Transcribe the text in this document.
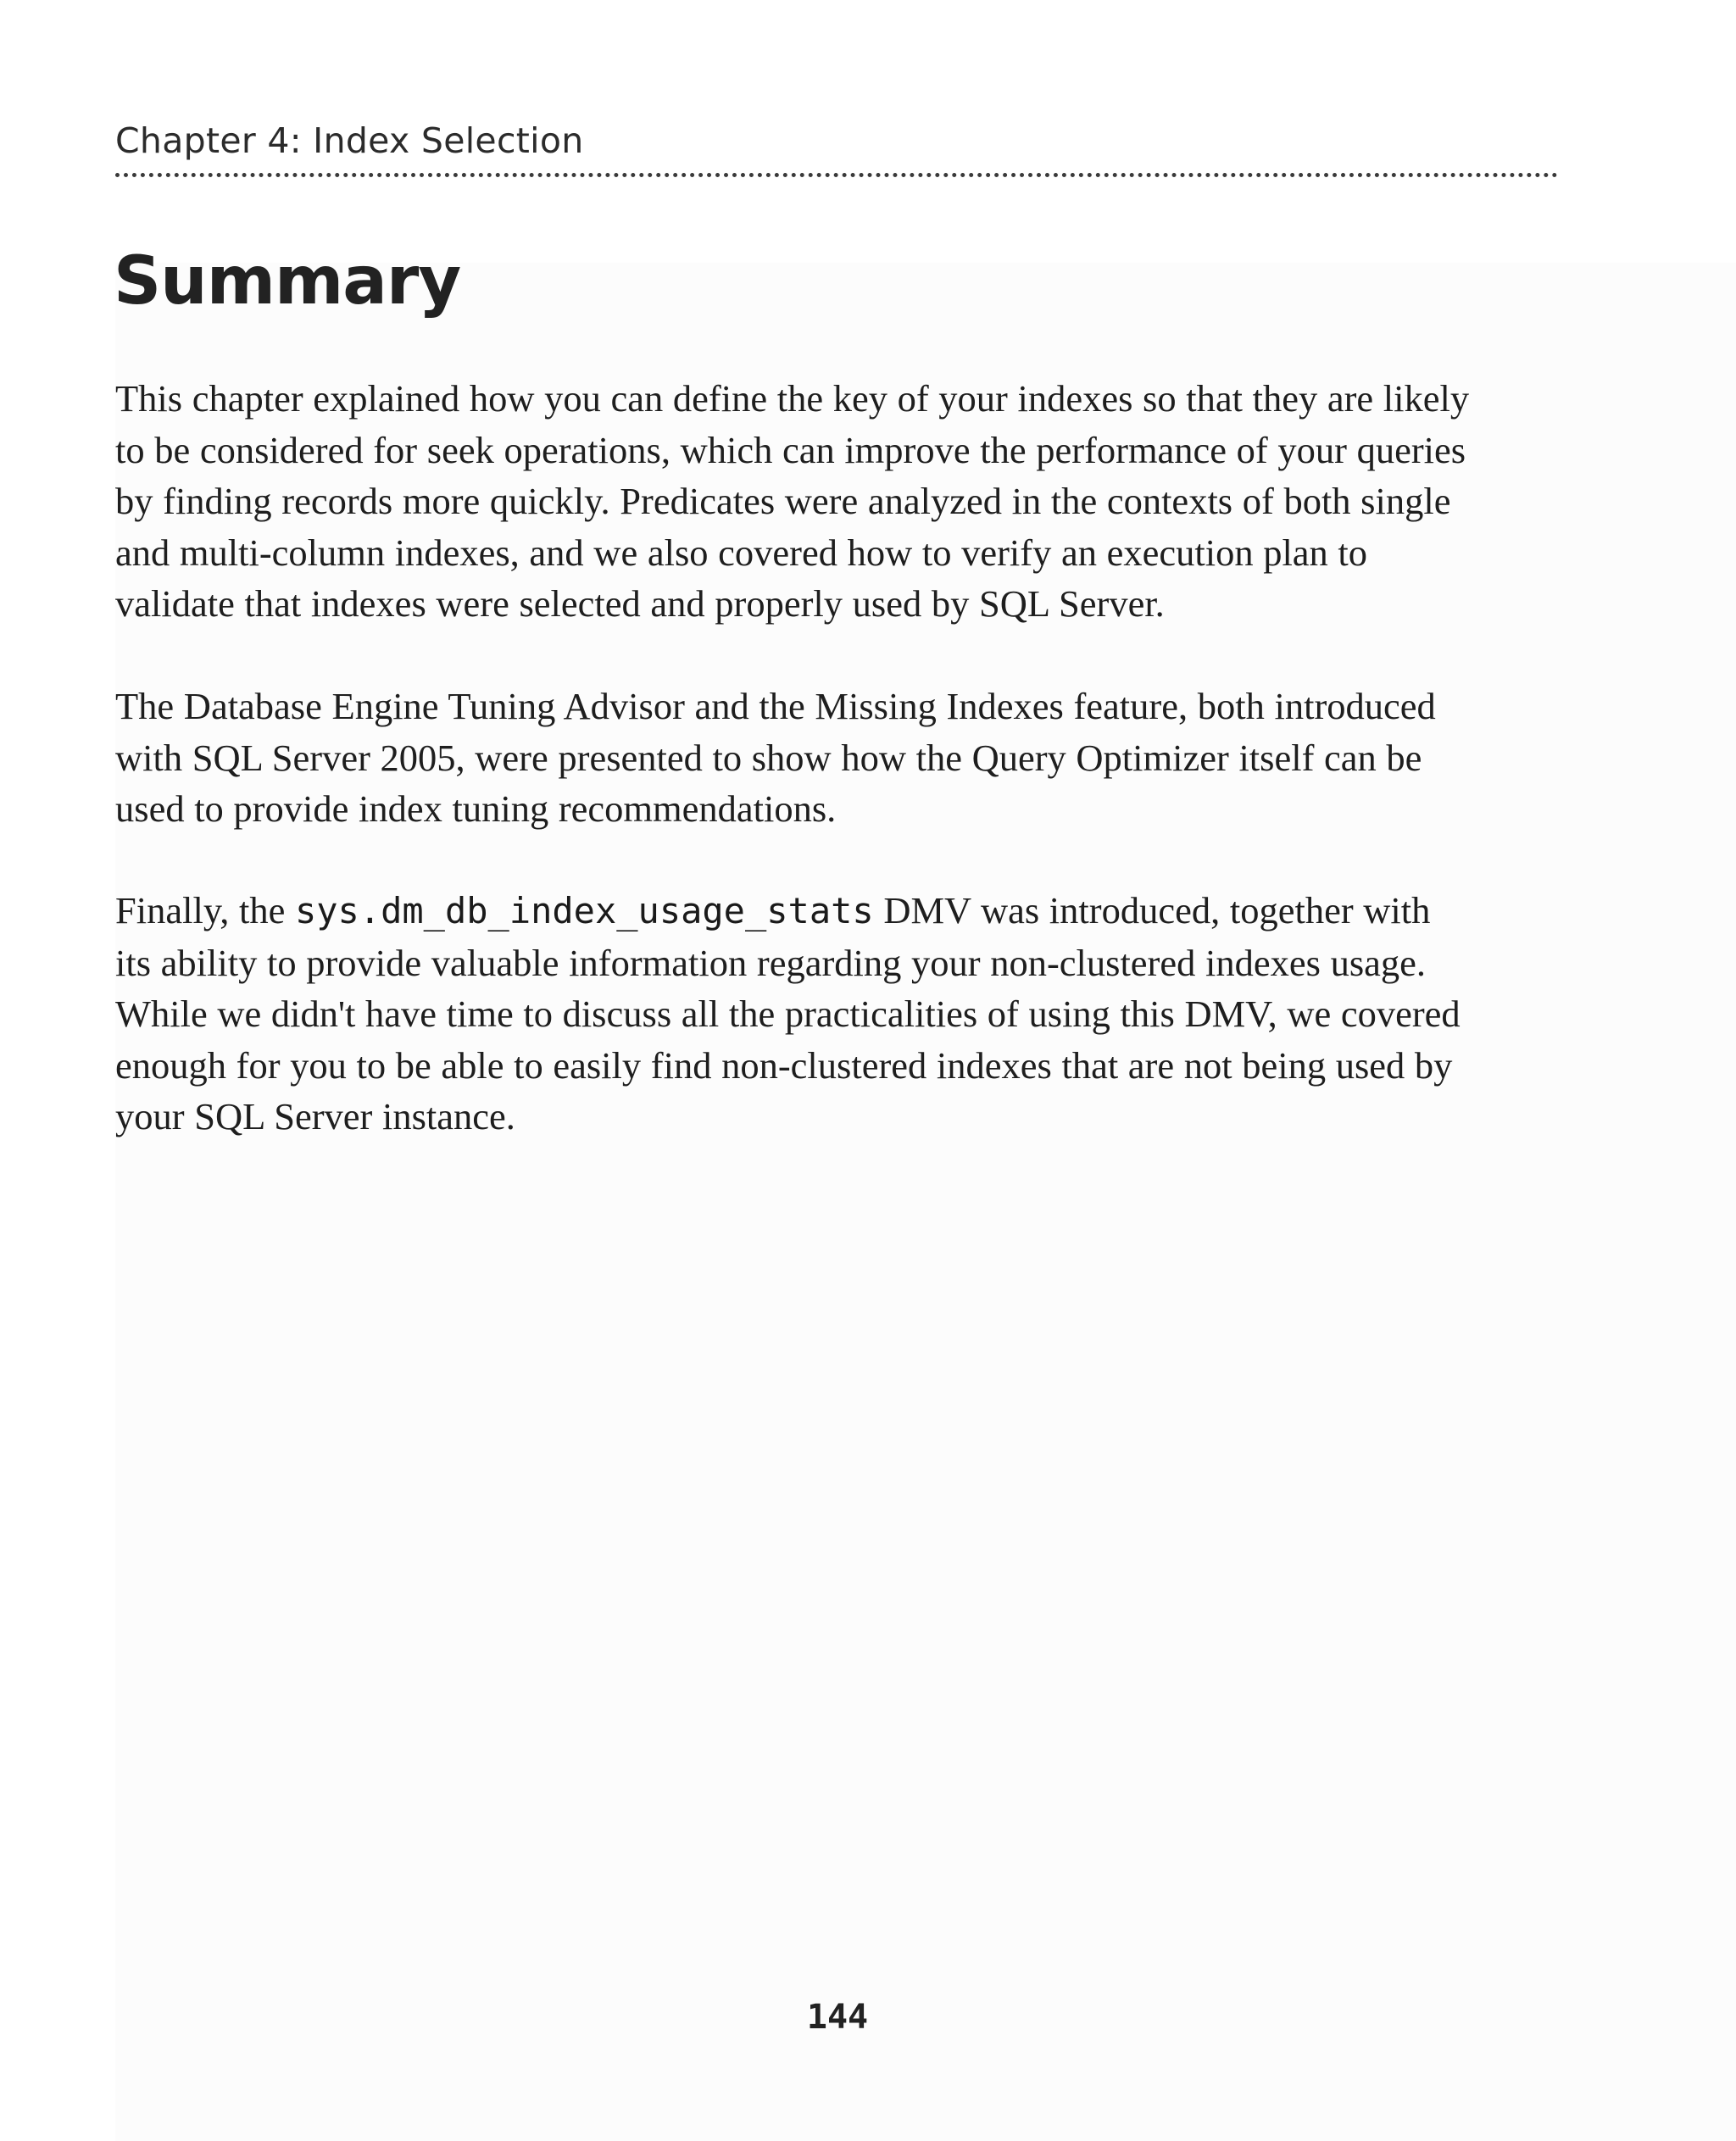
Chapter 4: Index Selection
Summary

This chapter explained how you can define the key of your indexes so that they are likely
to be considered for seek operations, which can improve the performance of your queries
by finding records more quickly. Predicates were analyzed in the contexts of both single
and multi-column indexes, and we also covered how to verify an execution plan to
validate that indexes were selected and properly used by SQL Server.

The Database Engine Tuning Advisor and the Missing Indexes feature, both introduced
with SQL Server 2005, were presented to show how the Query Optimizer itself can be
used to provide index tuning recommendations.

Finally, the sys.dm_db_index_usage_stats DMV was introduced, together with
its ability to provide valuable information regarding your non-clustered indexes usage.
While we didn't have time to discuss all the practicalities of using this DMV, we covered
enough for you to be able to easily find non-clustered indexes that are not being used by
your SQL Server instance.

144
